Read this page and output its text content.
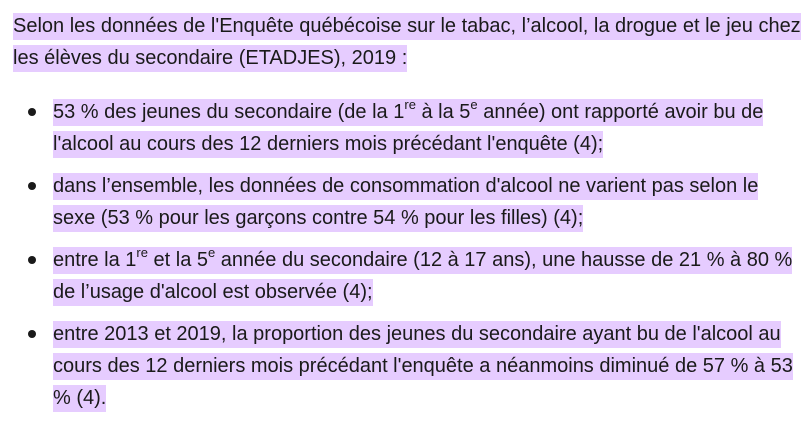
Selon les données de l'Enquête québécoise sur le tabac, l’alcool, la drogue et le jeu chez les élèves du secondaire (ETADJES), 2019 :

53 % des jeunes du secondaire (de la 1re à la 5e année) ont rapporté avoir bu de l'alcool au cours des 12 derniers mois précédant l'enquête (4);
dans l’ensemble, les données de consommation d'alcool ne varient pas selon le sexe (53 % pour les garçons contre 54 % pour les filles) (4);
entre la 1re et la 5e année du secondaire (12 à 17 ans), une hausse de 21 % à 80 % de l’usage d'alcool est observée (4);
entre 2013 et 2019, la proportion des jeunes du secondaire ayant bu de l'alcool au cours des 12 derniers mois précédant l'enquête a néanmoins diminué de 57 % à 53 % (4).
